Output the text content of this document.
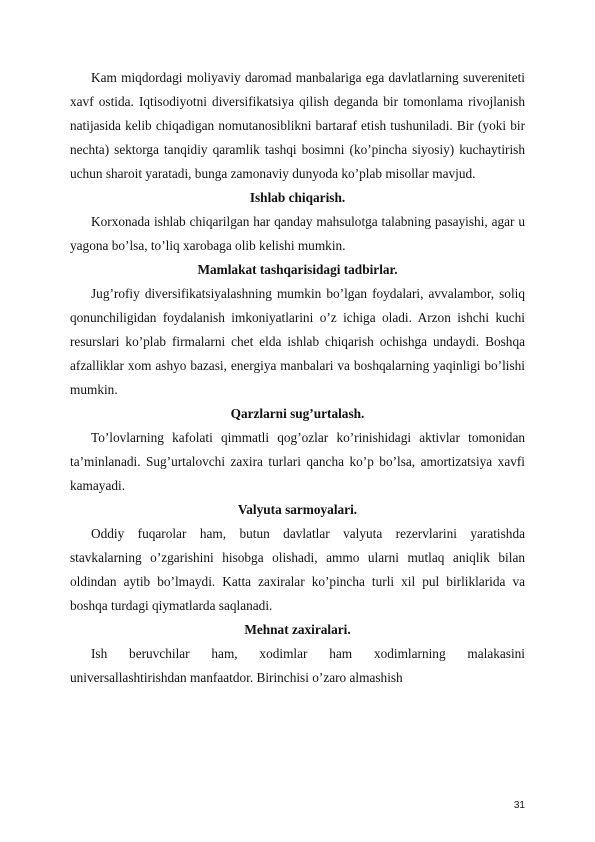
Kam miqdordagi moliyaviy daromad manbalariga ega davlatlarning suvereniteti xavf ostida. Iqtisodiyotni diversifikatsiya qilish deganda bir tomonlama rivojlanish natijasida kelib chiqadigan nomutanosiblikni bartaraf etish tushuniladi. Bir (yoki bir nechta) sektorga tanqidiy qaramlik tashqi bosimni (ko’pincha siyosiy) kuchaytirish uchun sharoit yaratadi, bunga zamonaviy dunyoda ko’plab misollar mavjud.

Ishlab chiqarish.

Korxonada ishlab chiqarilgan har qanday mahsulotga talabning pasayishi, agar u yagona bo’lsa, to’liq xarobaga olib kelishi mumkin.

Mamlakat tashqarisidagi tadbirlar.

Jug’rofiy diversifikatsiyalashning mumkin bo’lgan foydalari, avvalambor, soliq qonunchiligidan foydalanish imkoniyatlarini o’z ichiga oladi. Arzon ishchi kuchi resurslari ko’plab firmalarni chet elda ishlab chiqarish ochishga undaydi. Boshqa afzalliklar xom ashyo bazasi, energiya manbalari va boshqalarning yaqinligi bo’lishi mumkin.

Qarzlarni sug’urtalash.

To’lovlarning kafolati qimmatli qog’ozlar ko’rinishidagi aktivlar tomonidan ta’minlanadi. Sug’urtalovchi zaxira turlari qancha ko’p bo’lsa, amortizatsiya xavfi kamayadi.

Valyuta sarmoyalari.

Oddiy fuqarolar ham, butun davlatlar valyuta rezervlarini yaratishda stavkalarning o’zgarishini hisobga olishadi, ammo ularni mutlaq aniqlik bilan oldindan aytib bo’lmaydi. Katta zaxiralar ko’pincha turli xil pul birliklarida va boshqa turdagi qiymatlarda saqlanadi.

Mehnat zaxiralari.

Ish beruvchilar ham, xodimlar ham xodimlarning malakasini universallashtirishdan manfaatdor. Birinchisi o’zaro almashish

31
